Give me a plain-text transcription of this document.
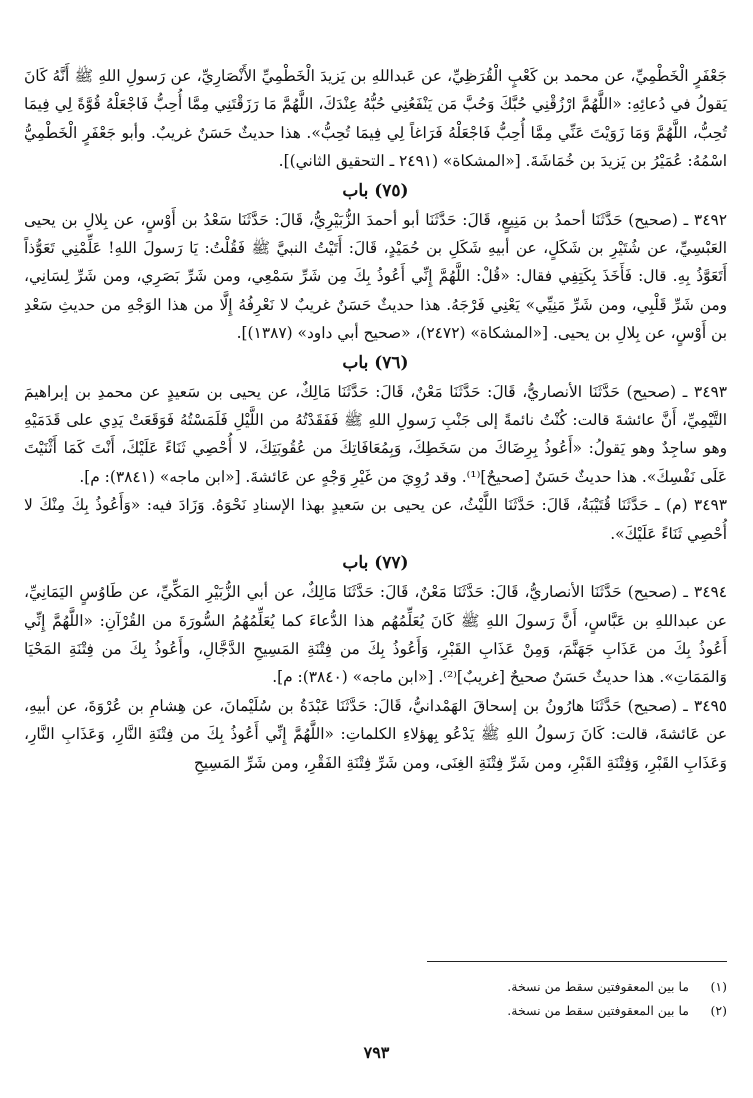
جَعْفَرٍ الْخَطْمِيِّ، عن محمد بن كَعْبٍ الْقُرَظِيِّ، عن عَبداللهِ بن يَزيدَ الْخَطْمِيِّ الأَنْصَارِيِّ، عن رَسولِ اللهِ ﷺ أَنَّهُ كَانَ يَقولُ في دُعائِهِ: «اللَّهُمَّ ارْزُقْنِي حُبَّكَ وَحُبَّ مَن يَنْفَعُنِي حُبُّهُ عِنْدَكَ، اللَّهُمَّ مَا رَزَقْتَنِي مِمَّا أُحِبُّ فَاجْعَلْهُ قُوَّةً لِي فِيمَا تُحِبُّ، اللَّهُمَّ وَمَا زَوَيْتَ عَنِّي مِمَّا أُحِبُّ فَاجْعَلْهُ فَرَاغاً لِي فِيمَا تُحِبُّ». هذا حديثٌ حَسَنٌ غريبٌ. وأبو جَعْفَرٍ الْخَطْمِيُّ اسْمُهُ: عُمَيْرُ بن يَزيدَ بن خُمَاشَةَ. [«المشكاة» (٢٤٩١ ـ التحقيق الثاني)].

(٧٥) باب

٣٤٩٢ ـ (صحيح) حَدَّثَنَا أحمدُ بن مَنِيعٍ، قَالَ: حَدَّثَنَا أبو أحمدَ الزُّبَيْرِيُّ، قَالَ: حَدَّثَنَا سَعْدُ بن أَوْسٍ، عن بِلالِ بن يحيى العَبْسِيِّ، عن شُتَيْرِ بن شَكَلٍ، عن أبيهِ شَكَلِ بن حُمَيْدٍ، قَالَ: أَتَيْتُ النبيَّ ﷺ فَقُلْتُ: يَا رَسولَ اللهِ! عَلِّمْنِي تَعَوُّذاً أَتَعَوَّذُ بِهِ. قال: فَأَخَذَ بِكَتِفِي فقال: «قُلْ: اللَّهُمَّ إِنِّي أَعُوذُ بِكَ مِن شَرِّ سَمْعِي، ومن شَرِّ بَصَرِي، ومن شَرِّ لِسَانِي، ومن شَرِّ قَلْبِي، ومن شَرِّ مَنِيِّي» يَعْنِي فَرْجَهُ. هذا حديثٌ حَسَنٌ غريبٌ لا نَعْرِفُهُ إِلَّا من هذا الوَجْهِ من حديثِ سَعْدِ بن أَوْسٍ، عن بِلالِ بن يحيى. [«المشكاة» (٢٤٧٢)، «صحيح أبي داود» (١٣٨٧)].

(٧٦) باب

٣٤٩٣ ـ (صحيح) حَدَّثَنَا الأنصاريُّ، قَالَ: حَدَّثَنَا مَعْنٌ، قَالَ: حَدَّثَنَا مَالِكٌ، عن يحيى بن سَعيدٍ عن محمدِ بن إبراهيمَ التَّيْمِيِّ، أَنَّ عائشةَ قالت: كُنْتُ نائمةً إلى جَنْبِ رَسولِ اللهِ ﷺ فَفَقَدْتُهُ من اللَّيْلِ فَلَمَسْتُهُ فَوَقَعَتْ يَدِي على قَدَمَيْهِ وهو ساجِدٌ وهو يَقولُ: «أَعُوذُ بِرِضَاكَ من سَخَطِكَ، وَبِمُعَافَاتِكَ من عُقُوبَتِكَ، لا أُحْصِي ثَنَاءً عَلَيْكَ، أَنْتَ كَمَا أَثْنَيْتَ عَلَى نَفْسِكَ». هذا حديثٌ حَسَنٌ [صحيحٌ]⁽¹⁾. وقد رُوِيَ من غَيْرِ وَجْهٍ عن عَائشةَ. [«ابن ماجه» (٣٨٤١): م].

٣٤٩٣ (م) ـ حَدَّثَنَا قُتَيْبَةُ، قَالَ: حَدَّثَنَا اللَّيْثُ، عن يحيى بن سَعيدٍ بهذا الإسنادِ نَحْوَهُ. وَزَادَ فيه: «وَأَعُوذُ بِكَ مِنْكَ لا أُحْصِي ثَنَاءً عَلَيْكَ».

(٧٧) باب

٣٤٩٤ ـ (صحيح) حَدَّثَنَا الأنصاريُّ، قَالَ: حَدَّثَنَا مَعْنٌ، قَالَ: حَدَّثَنَا مَالِكٌ، عن أبي الزُّبَيْرِ المَكِّيِّ، عن طَاوُسٍ اليَمَانِيِّ، عن عبداللهِ بن عَبَّاسٍ، أَنَّ رَسولَ اللهِ ﷺ كَانَ يُعَلِّمُهُم هذا الدُّعاءَ كما يُعَلِّمُهُمُ السُّورَةَ من القُرْآنِ: «اللَّهُمَّ إِنِّي أَعُوذُ بِكَ من عَذَابِ جَهَنَّمَ، وَمِنْ عَذَابِ القَبْرِ، وَأَعُوذُ بِكَ من فِتْنَةِ المَسِيحِ الدَّجَّالِ، وأَعُوذُ بِكَ من فِتْنَةِ المَحْيَا وَالمَمَاتِ». هذا حديثٌ حَسَنٌ صحيحٌ [غريبٌ]⁽²⁾. [«ابن ماجه» (٣٨٤٠): م].

٣٤٩٥ ـ (صحيح) حَدَّثَنَا هارُونُ بن إسحاقَ الهَمْدانيُّ، قَالَ: حَدَّثَنَا عَبْدَةُ بن سُلَيْمانَ، عن هِشامِ بن عُرْوَةَ، عن أبيهِ، عن عَائشةَ، قالت: كَانَ رَسولُ اللهِ ﷺ يَدْعُو بِهؤلاءِ الكلماتِ: «اللَّهُمَّ إِنِّي أَعُوذُ بِكَ من فِتْنَةِ النَّارِ، وَعَذَابِ النَّارِ، وَعَذَابِ القَبْرِ، وَفِتْنَةِ القَبْرِ، ومن شَرِّ فِتْنَةِ الغِنَى، ومن شَرِّ فِتْنَةِ الفَقْرِ، ومن شَرِّ المَسِيحِ

(١) ما بين المعقوفتين سقط من نسخة.
(٢) ما بين المعقوفتين سقط من نسخة.
٧٩٣
